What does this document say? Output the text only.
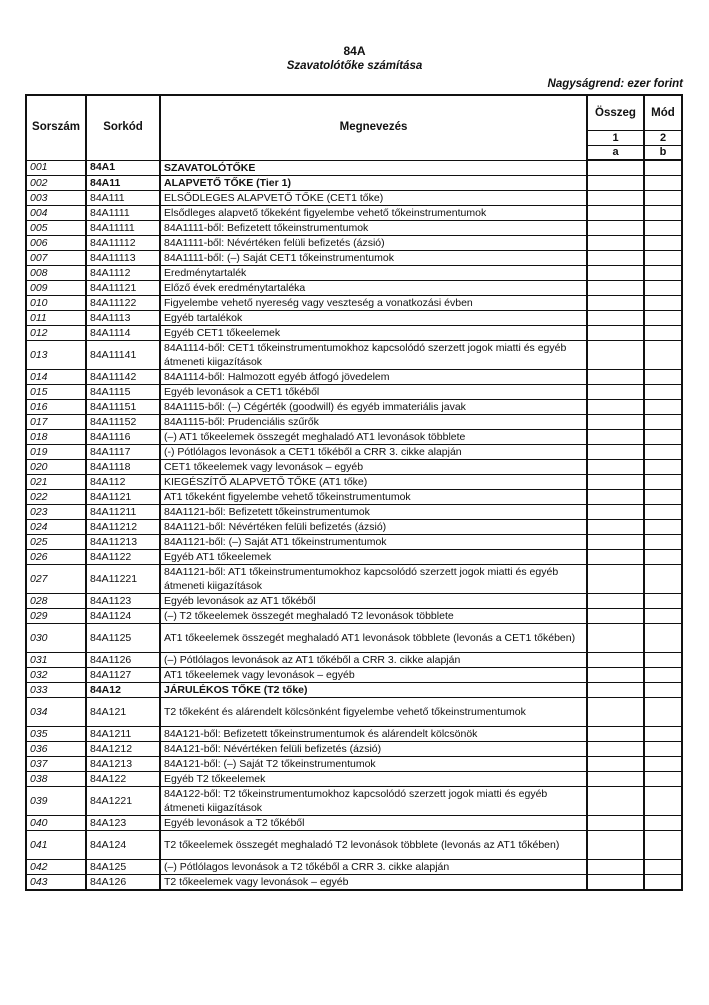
84A
Szavatolótőke számítása
Nagyságrend: ezer forint
Sorszám	Sorkód	Megnevezés	Összeg	Mód
			1	2
			a	b
001	84A1	SZAVATOLÓTŐKE		
002	84A11	ALAPVETŐ TŐKE (Tier 1)		
003	84A111	ELSŐDLEGES ALAPVETŐ TŐKE (CET1 tőke)		
004	84A1111	Elsődleges alapvető tőkeként figyelembe vehető tőkeinstrumentumok		
005	84A11111	84A1111-ből: Befizetett tőkeinstrumentumok		
006	84A11112	84A1111-ből: Névértéken felüli befizetés (ázsió)		
007	84A11113	84A1111-ből: (–) Saját CET1 tőkeinstrumentumok		
008	84A1112	Eredménytartalék		
009	84A11121	Előző évek eredménytartaléka		
010	84A11122	Figyelembe vehető nyereség vagy veszteség a vonatkozási évben		
011	84A1113	Egyéb tartalékok		
012	84A1114	Egyéb CET1 tőkeelemek		
013	84A11141	84A1114-ből: CET1 tőkeinstrumentumokhoz kapcsolódó szerzett jogok miatti és egyéb átmeneti kiigazítások		
014	84A11142	84A1114-ből: Halmozott egyéb átfogó jövedelem		
015	84A1115	Egyéb levonások a CET1 tőkéből		
016	84A11151	84A1115-ből: (–) Cégérték (goodwill) és egyéb immateriális javak		
017	84A11152	84A1115-ből: Prudenciális szűrők		
018	84A1116	(–) AT1 tőkeelemek összegét meghaladó AT1 levonások többlete		
019	84A1117	(-) Pótlólagos levonások a CET1 tőkéből a CRR 3. cikke alapján		
020	84A1118	CET1 tőkeelemek vagy levonások – egyéb		
021	84A112	KIEGÉSZÍTŐ ALAPVETŐ TŐKE (AT1 tőke)		
022	84A1121	AT1 tőkeként figyelembe vehető tőkeinstrumentumok		
023	84A11211	84A1121-ből: Befizetett tőkeinstrumentumok		
024	84A11212	84A1121-ből: Névértéken felüli befizetés (ázsió)		
025	84A11213	84A1121-ből: (–) Saját AT1 tőkeinstrumentumok		
026	84A1122	Egyéb AT1 tőkeelemek		
027	84A11221	84A1121-ből: AT1 tőkeinstrumentumokhoz kapcsolódó szerzett jogok miatti és egyéb átmeneti kiigazítások		
028	84A1123	Egyéb levonások az AT1 tőkéből		
029	84A1124	(–) T2 tőkeelemek összegét meghaladó T2 levonások többlete		
030	84A1125	AT1 tőkeelemek összegét meghaladó AT1 levonások többlete (levonás a CET1 tőkében)		
031	84A1126	(–) Pótlólagos levonások az AT1 tőkéből a CRR 3. cikke alapján		
032	84A1127	AT1 tőkeelemek vagy levonások – egyéb		
033	84A12	JÁRULÉKOS TŐKE (T2 tőke)		
034	84A121	T2 tőkeként és alárendelt kölcsönként figyelembe vehető tőkeinstrumentumok		
035	84A1211	84A121-ből: Befizetett tőkeinstrumentumok és alárendelt kölcsönök		
036	84A1212	84A121-ből: Névértéken felüli befizetés (ázsió)		
037	84A1213	84A121-ből: (–) Saját T2 tőkeinstrumentumok		
038	84A122	Egyéb T2 tőkeelemek		
039	84A1221	84A122-ből: T2 tőkeinstrumentumokhoz kapcsolódó szerzett jogok miatti és egyéb átmeneti kiigazítások		
040	84A123	Egyéb levonások a T2 tőkéből		
041	84A124	T2 tőkeelemek összegét meghaladó T2 levonások többlete (levonás az AT1 tőkében)		
042	84A125	(–) Pótlólagos levonások a T2 tőkéből a CRR 3. cikke alapján		
043	84A126	T2 tőkeelemek vagy levonások – egyéb		
